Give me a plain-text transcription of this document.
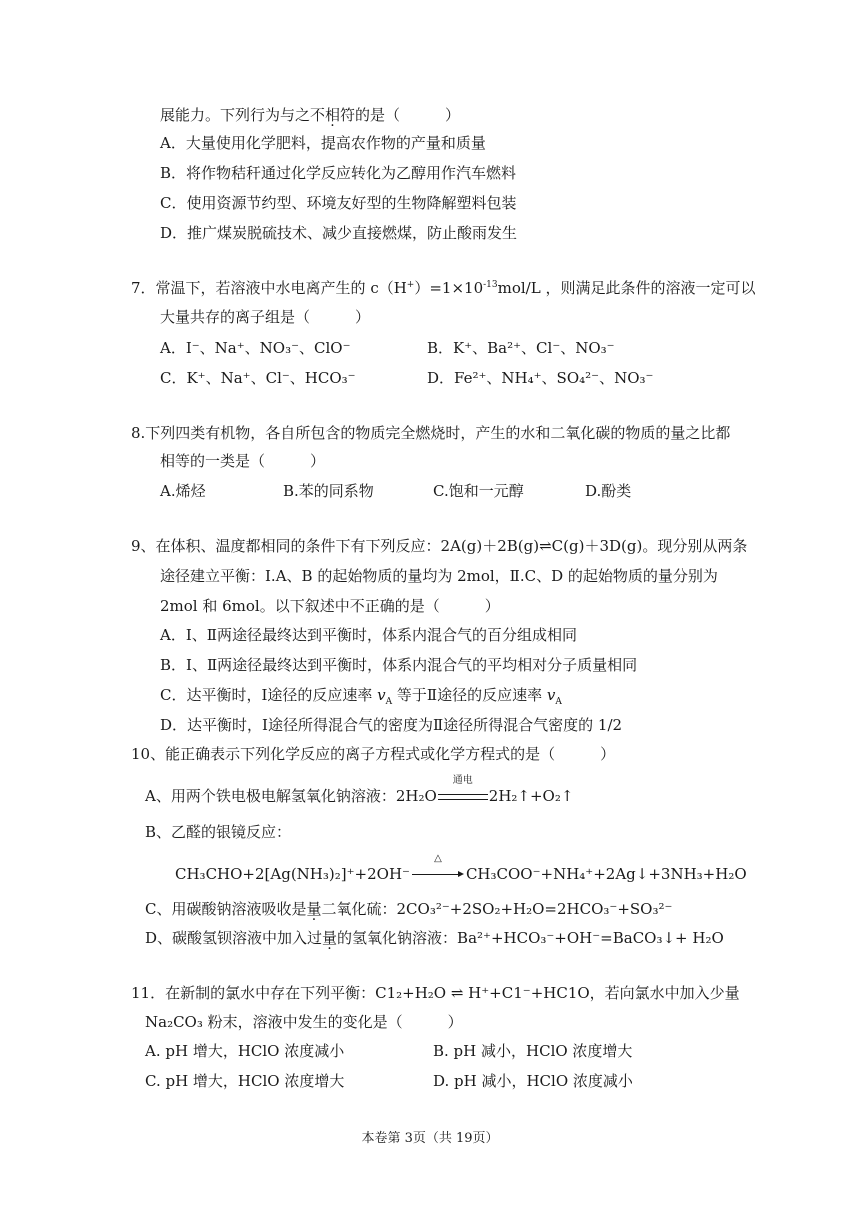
展能力。下列行为与之不相符的是（　　　）
A．大量使用化学肥料，提高农作物的产量和质量
B．将作物秸秆通过化学反应转化为乙醇用作汽车燃料
C．使用资源节约型、环境友好型的生物降解塑料包装
D．推广煤炭脱硫技术、减少直接燃煤，防止酸雨发生
7．常温下，若溶液中水电离产生的 $c(H^+)=1\times 10^{-13}mol/L$ ，则满足此条件的溶液一定可以
大量共存的离子组是（　　　）
A．I⁻、Na⁺、NO₃⁻、ClO⁻	B．K⁺、Ba²⁺、Cl⁻、NO₃⁻
C．K⁺、Na⁺、Cl⁻、HCO₃⁻	D．Fe²⁺、NH₄⁺、SO₄²⁻、NO₃⁻
8.下列四类有机物，各自所包含的物质完全燃烧时，产生的水和二氧化碳的物质的量之比都
相等的一类是（　　　）
A.烯烃	B.苯的同系物	C.饱和一元醇	D.酚类
9、在体积、温度都相同的条件下有下列反应：2A(g)＋2B(g)⇌C(g)＋3D(g)。现分别从两条
途径建立平衡：Ⅰ.A、B 的起始物质的量均为 2mol，Ⅱ.C、D 的起始物质的量分别为
2mol 和 6mol。以下叙述中不正确的是（　　　）
A．Ⅰ、Ⅱ两途径最终达到平衡时，体系内混合气的百分组成相同
B．Ⅰ、Ⅱ两途径最终达到平衡时，体系内混合气的平均相对分子质量相同
C．达平衡时，Ⅰ途径的反应速率 $v_A$ 等于Ⅱ途径的反应速率 $v_A$
D．达平衡时，Ⅰ途径所得混合气的密度为Ⅱ途径所得混合气密度的 1/2
10、能正确表示下列化学反应的离子方程式或化学方程式的是（　　　）
A、用两个铁电极电解氢氧化钠溶液：2H₂O
通电
2H₂↑+O₂↑
B、乙醛的银镜反应：
CH₃CHO+2[Ag(NH₃)₂]⁺+2OH⁻
△
CH₃COO⁻+NH₄⁺+2Ag↓+3NH₃+H₂O
C、用碳酸钠溶液吸收是量二氧化硫：2CO₃²⁻+2SO₂+H₂O=2HCO₃⁻+SO₃²⁻
D、碳酸氢钡溶液中加入过量的氢氧化钠溶液：Ba²⁺+HCO₃⁻+OH⁻=BaCO₃↓+ H₂O
11．在新制的氯水中存在下列平衡：C1₂+H₂O ⇌ H⁺+C1⁻+HC1O，若向氯水中加入少量
Na₂CO₃ 粉末，溶液中发生的变化是（　　　）
A. pH 增大，HClO 浓度减小	B. pH 减小，HClO 浓度增大
C. pH 增大，HClO 浓度增大	D. pH 减小，HClO 浓度减小
本卷第 3页（共 19页）
